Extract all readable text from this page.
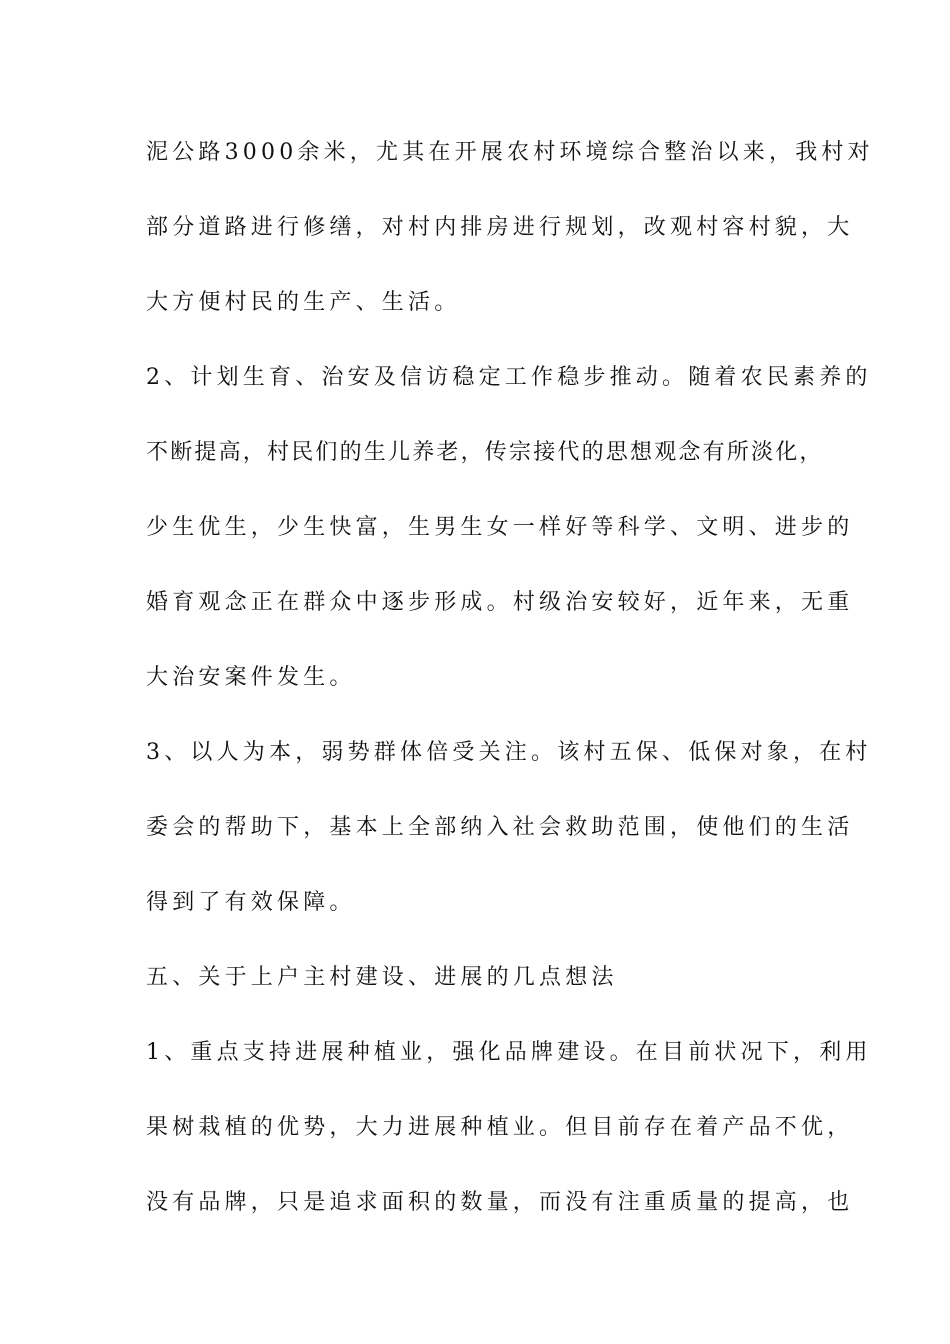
泥公路3000余米，尤其在开展农村环境综合整治以来，我村对
部分道路进行修缮，对村内排房进行规划，改观村容村貌，大
大方便村民的生产、生活。
2、计划生育、治安及信访稳定工作稳步推动。随着农民素养的
不断提高，村民们的生儿养老，传宗接代的思想观念有所淡化，
少生优生，少生快富，生男生女一样好等科学、文明、进步的
婚育观念正在群众中逐步形成。村级治安较好，近年来，无重
大治安案件发生。
3、以人为本，弱势群体倍受关注。该村五保、低保对象，在村
委会的帮助下，基本上全部纳入社会救助范围，使他们的生活
得到了有效保障。
五、关于上户主村建设、进展的几点想法
1、重点支持进展种植业，强化品牌建设。在目前状况下，利用
果树栽植的优势，大力进展种植业。但目前存在着产品不优，
没有品牌，只是追求面积的数量，而没有注重质量的提高，也
